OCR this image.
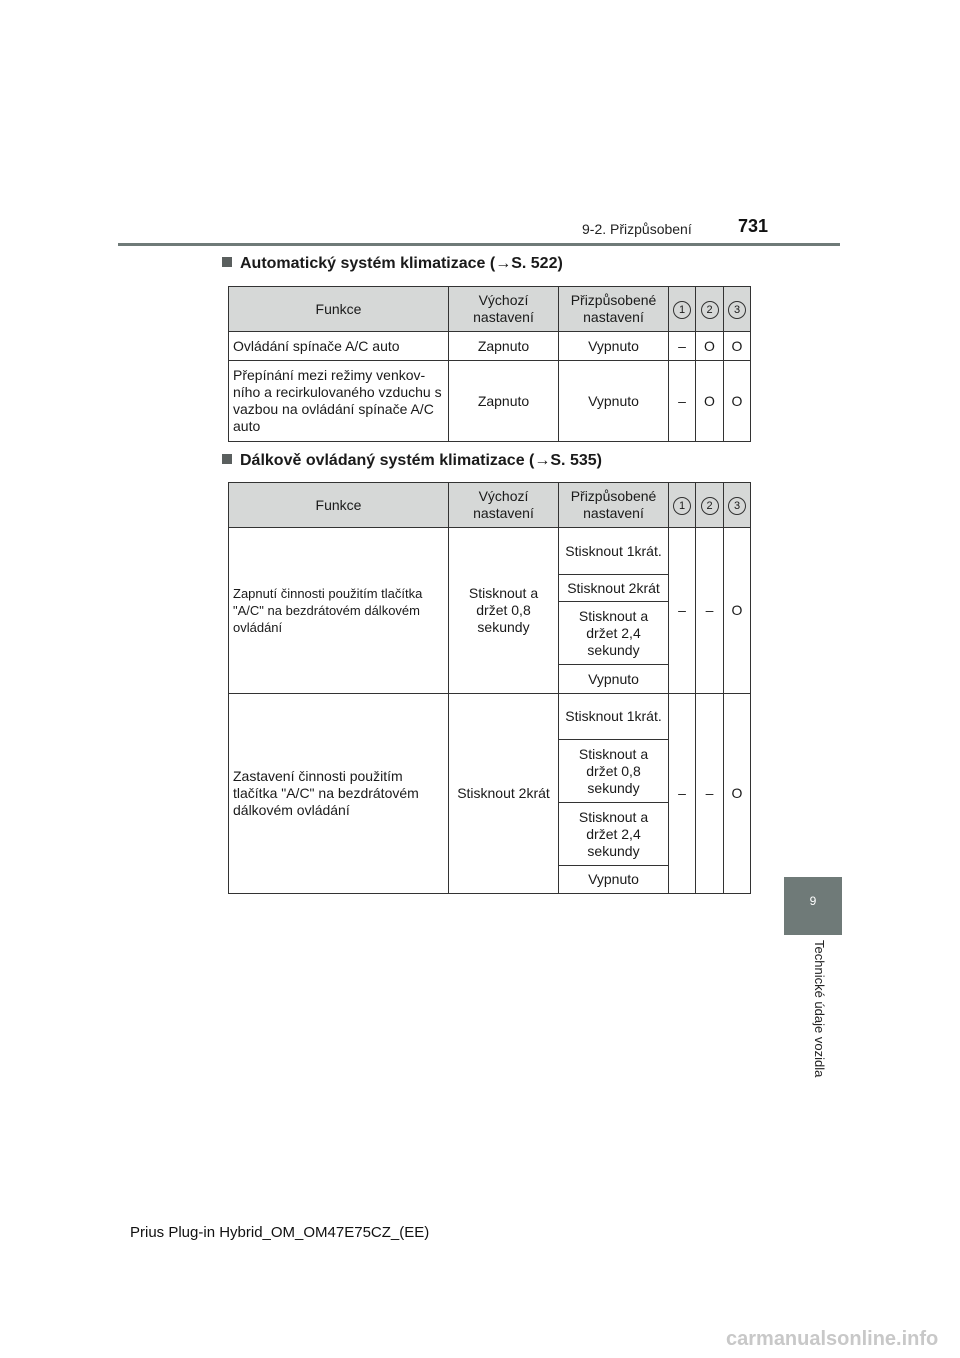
9-2. Přizpůsobení	731
Automatický systém klimatizace (→S. 522)
Funkce	Výchozí nastavení	Přizpůsobené nastavení	1	2	3
Ovládání spínače A/C auto	Zapnuto	Vypnuto	–	O	O
Přepínání mezi režimy venkov- ního a recirkulovaného vzduchu s vazbou na ovládání spínače A/C auto	Zapnuto	Vypnuto	–	O	O
Dálkově ovládaný systém klimatizace (→S. 535)
Funkce	Výchozí nastavení	Přizpůsobené nastavení	1	2	3
Zapnutí činnosti použitím tlačítka "A/C" na bezdrátovém dálkovém ovládání	Stisknout a držet 0,8 sekundy	Stisknout 1krát.	–	–	O
		Stisknout 2krát			
		Stisknout a držet 2,4 sekundy			
		Vypnuto			
Zastavení činnosti použitím tlačítka "A/C" na bezdrátovém dálkovém ovládání	Stisknout 2krát	Stisknout 1krát.	–	–	O
		Stisknout a držet 0,8 sekundy			
		Stisknout a držet 2,4 sekundy			
		Vypnuto			
9
Technické údaje vozidla
Prius Plug-in Hybrid_OM_OM47E75CZ_(EE)
carmanualsonline.info
